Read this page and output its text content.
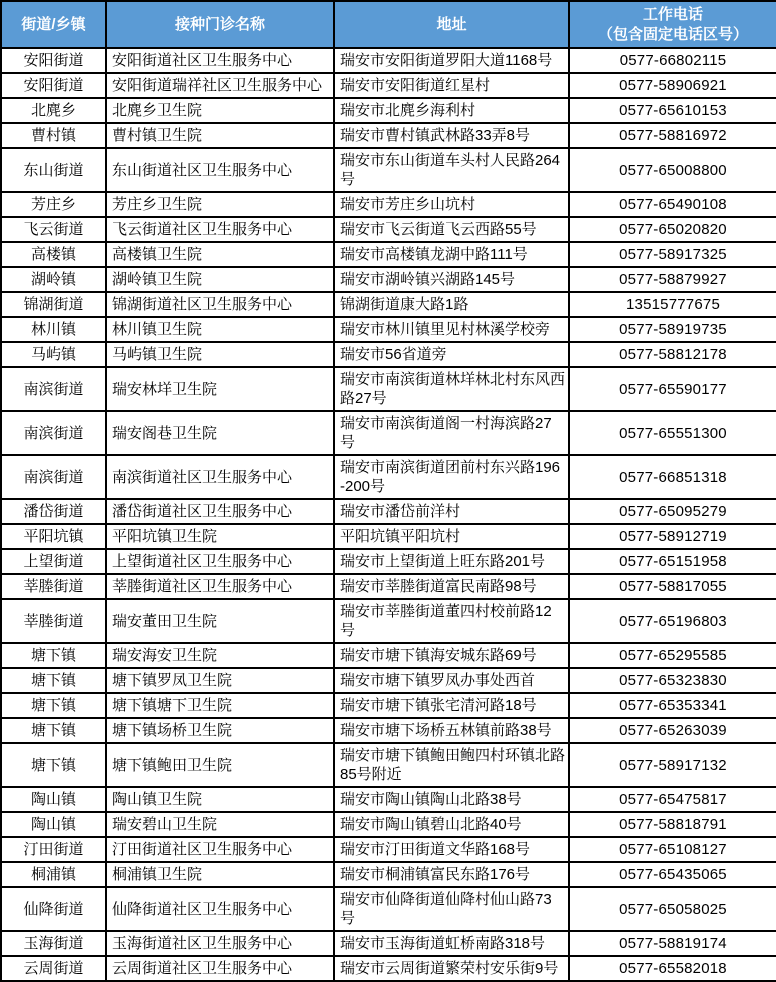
街道/乡镇	接种门诊名称	地址	工作电话
（包含固定电话区号）

安阳街道	安阳街道社区卫生服务中心	瑞安市安阳街道罗阳大道1168号	0577-66802115
安阳街道	安阳街道瑞祥社区卫生服务中心	瑞安市安阳街道红星村	0577-58906921
北麂乡	北麂乡卫生院	瑞安市北麂乡海利村	0577-65610153
曹村镇	曹村镇卫生院	瑞安市曹村镇武林路33弄8号	0577-58816972
东山街道	东山街道社区卫生服务中心	瑞安市东山街道车头村人民路264号	0577-65008800
芳庄乡	芳庄乡卫生院	瑞安市芳庄乡山坑村	0577-65490108
飞云街道	飞云街道社区卫生服务中心	瑞安市飞云街道飞云西路55号	0577-65020820
高楼镇	高楼镇卫生院	瑞安市高楼镇龙湖中路111号	0577-58917325
湖岭镇	湖岭镇卫生院	瑞安市湖岭镇兴湖路145号	0577-58879927
锦湖街道	锦湖街道社区卫生服务中心	锦湖街道康大路1路	13515777675
林川镇	林川镇卫生院	瑞安市林川镇里见村林溪学校旁	0577-58919735
马屿镇	马屿镇卫生院	瑞安市56省道旁	0577-58812178
南滨街道	瑞安林垟卫生院	瑞安市南滨街道林垟林北村东风西路27号	0577-65590177
南滨街道	瑞安阁巷卫生院	瑞安市南滨街道阁一村海滨路27号	0577-65551300
南滨街道	南滨街道社区卫生服务中心	瑞安市南滨街道团前村东兴路196-200号	0577-66851318
潘岱街道	潘岱街道社区卫生服务中心	瑞安市潘岱前洋村	0577-65095279
平阳坑镇	平阳坑镇卫生院	平阳坑镇平阳坑村	0577-58912719
上望街道	上望街道社区卫生服务中心	瑞安市上望街道上旺东路201号	0577-65151958
莘塍街道	莘塍街道社区卫生服务中心	瑞安市莘塍街道富民南路98号	0577-58817055
莘塍街道	瑞安董田卫生院	瑞安市莘塍街道董四村校前路12号	0577-65196803
塘下镇	瑞安海安卫生院	瑞安市塘下镇海安城东路69号	0577-65295585
塘下镇	塘下镇罗凤卫生院	瑞安市塘下镇罗凤办事处西首	0577-65323830
塘下镇	塘下镇塘下卫生院	瑞安市塘下镇张宅清河路18号	0577-65353341
塘下镇	塘下镇场桥卫生院	瑞安市塘下场桥五林镇前路38号	0577-65263039
塘下镇	塘下镇鲍田卫生院	瑞安市塘下镇鲍田鲍四村环镇北路85号附近	0577-58917132
陶山镇	陶山镇卫生院	瑞安市陶山镇陶山北路38号	0577-65475817
陶山镇	瑞安碧山卫生院	瑞安市陶山镇碧山北路40号	0577-58818791
汀田街道	汀田街道社区卫生服务中心	瑞安市汀田街道文华路168号	0577-65108127
桐浦镇	桐浦镇卫生院	瑞安市桐浦镇富民东路176号	0577-65435065
仙降街道	仙降街道社区卫生服务中心	瑞安市仙降街道仙降村仙山路73号	0577-65058025
玉海街道	玉海街道社区卫生服务中心	瑞安市玉海街道虹桥南路318号	0577-58819174
云周街道	云周街道社区卫生服务中心	瑞安市云周街道繁荣村安乐街9号	0577-65582018
